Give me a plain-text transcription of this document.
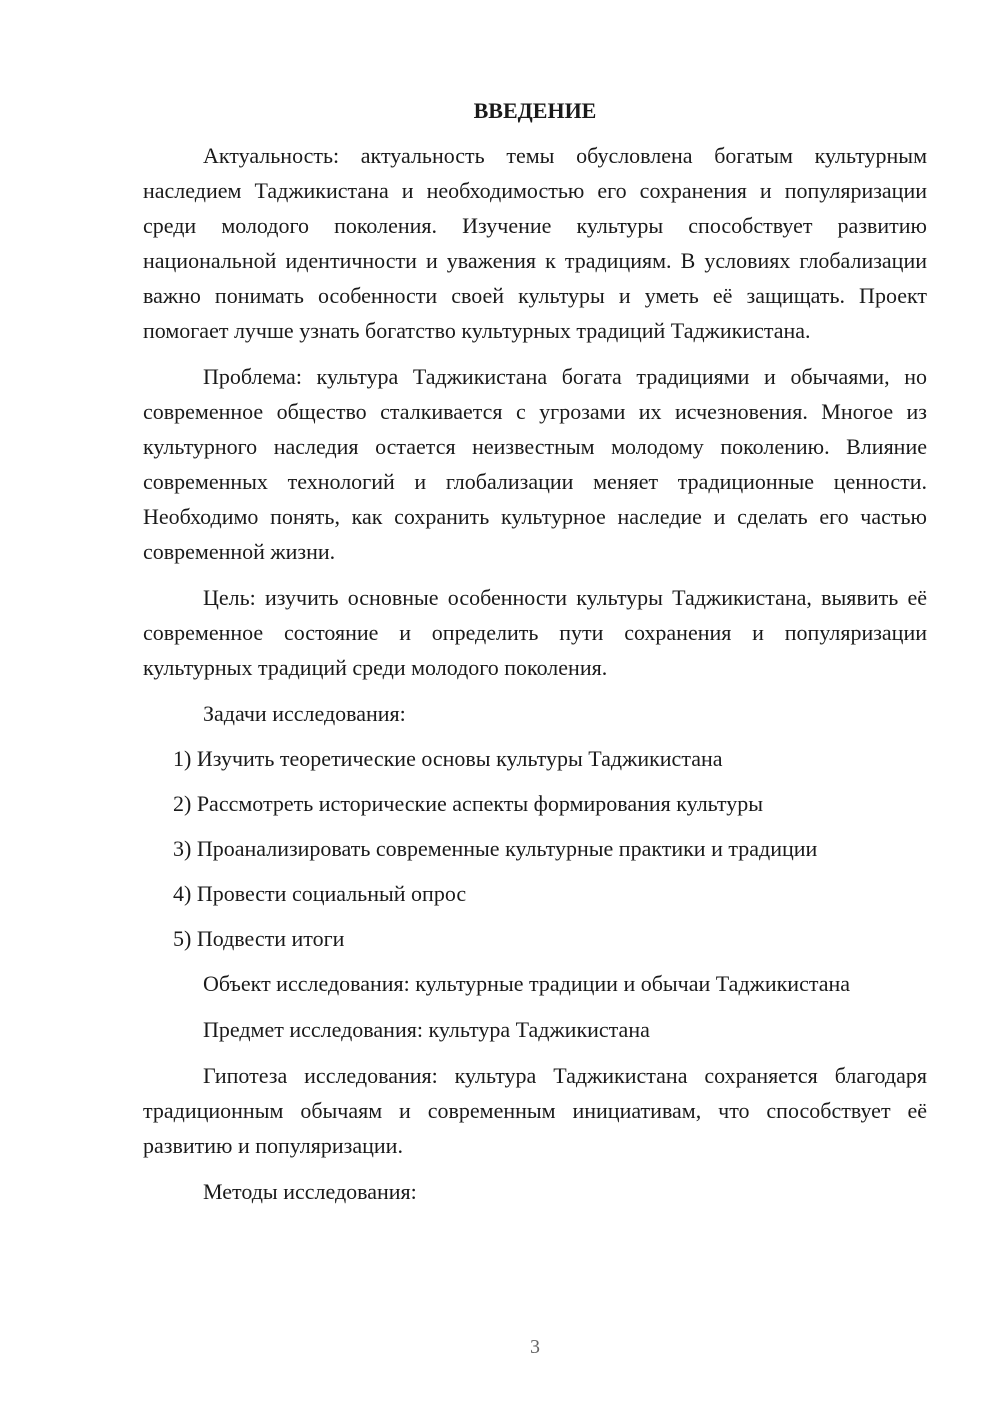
ВВЕДЕНИЕ

Актуальность: актуальность темы обусловлена богатым культурным наследием Таджикистана и необходимостью его сохранения и популяризации среди молодого поколения. Изучение культуры способствует развитию национальной идентичности и уважения к традициям. В условиях глобализации важно понимать особенности своей культуры и уметь её защищать. Проект помогает лучше узнать богатство культурных традиций Таджикистана.

Проблема: культура Таджикистана богата традициями и обычаями, но современное общество сталкивается с угрозами их исчезновения. Многое из культурного наследия остается неизвестным молодому поколению. Влияние современных технологий и глобализации меняет традиционные ценности. Необходимо понять, как сохранить культурное наследие и сделать его частью современной жизни.

Цель: изучить основные особенности культуры Таджикистана, выявить её современное состояние и определить пути сохранения и популяризации культурных традиций среди молодого поколения.

Задачи исследования:

1) Изучить теоретические основы культуры Таджикистана
2) Рассмотреть исторические аспекты формирования культуры
3) Проанализировать современные культурные практики и традиции
4) Провести социальный опрос
5) Подвести итоги

Объект исследования: культурные традиции и обычаи Таджикистана

Предмет исследования: культура Таджикистана

Гипотеза исследования: культура Таджикистана сохраняется благодаря традиционным обычаям и современным инициативам, что способствует её развитию и популяризации.

Методы исследования:

3
